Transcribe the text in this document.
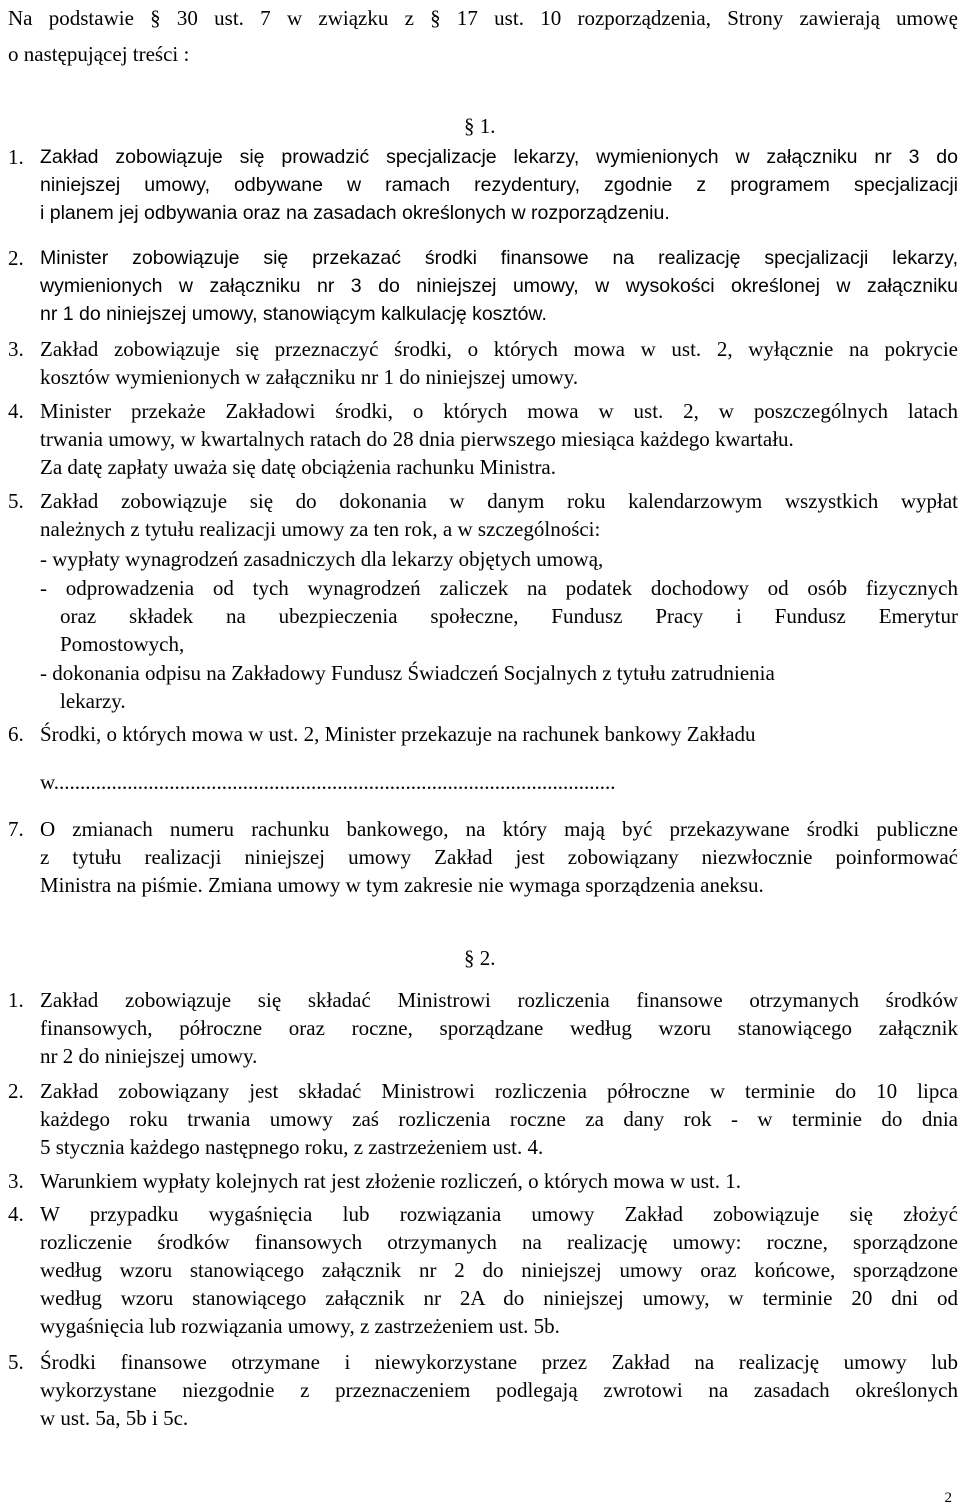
Na podstawie § 30 ust. 7 w związku z § 17 ust. 10 rozporządzenia, Strony zawierają umowę
o następującej treści :
§ 1.
1. Zakład zobowiązuje się prowadzić specjalizacje lekarzy, wymienionych w załączniku nr 3 do
niniejszej umowy, odbywane w ramach rezydentury, zgodnie z programem specjalizacji
i planem jej odbywania oraz na zasadach określonych w rozporządzeniu.
2. Minister zobowiązuje się przekazać środki finansowe na realizację specjalizacji lekarzy,
wymienionych w załączniku nr 3 do niniejszej umowy, w wysokości określonej w załączniku
nr 1 do niniejszej umowy, stanowiącym kalkulację kosztów.
3. Zakład zobowiązuje się przeznaczyć środki, o których mowa w ust. 2, wyłącznie na pokrycie
kosztów wymienionych w załączniku nr 1 do niniejszej umowy.
4. Minister przekaże Zakładowi środki, o których mowa w ust. 2, w poszczególnych latach
trwania umowy, w kwartalnych ratach do 28 dnia pierwszego miesiąca każdego kwartału.
Za datę zapłaty uważa się datę obciążenia rachunku Ministra.
5. Zakład zobowiązuje się do dokonania w danym roku kalendarzowym wszystkich wypłat
należnych z tytułu realizacji umowy za ten rok, a w szczególności:
- wypłaty wynagrodzeń zasadniczych dla lekarzy objętych umową,
- odprowadzenia od tych wynagrodzeń zaliczek na podatek dochodowy od osób fizycznych
oraz składek na ubezpieczenia społeczne, Fundusz Pracy i Fundusz Emerytur
Pomostowych,
- dokonania odpisu na Zakładowy Fundusz Świadczeń Socjalnych z tytułu zatrudnienia
lekarzy.
6. Środki, o których mowa w ust. 2, Minister przekazuje na rachunek bankowy Zakładu
w...........................................................................................................
7. O zmianach numeru rachunku bankowego, na który mają być przekazywane środki publiczne
z tytułu realizacji niniejszej umowy Zakład jest zobowiązany niezwłocznie poinformować
Ministra na piśmie. Zmiana umowy w tym zakresie nie wymaga sporządzenia aneksu.
§ 2.
1. Zakład zobowiązuje się składać Ministrowi rozliczenia finansowe otrzymanych środków
finansowych, półroczne oraz roczne, sporządzane według wzoru stanowiącego załącznik
nr 2 do niniejszej umowy.
2. Zakład zobowiązany jest składać Ministrowi rozliczenia półroczne w terminie do 10 lipca
każdego roku trwania umowy zaś rozliczenia roczne za dany rok - w terminie do dnia
5 stycznia każdego następnego roku, z zastrzeżeniem ust. 4.
3. Warunkiem wypłaty kolejnych rat jest złożenie rozliczeń, o których mowa w ust. 1.
4. W przypadku wygaśnięcia lub rozwiązania umowy Zakład zobowiązuje się złożyć
rozliczenie środków finansowych otrzymanych na realizację umowy: roczne, sporządzone
według wzoru stanowiącego załącznik nr 2 do niniejszej umowy oraz końcowe, sporządzone
według wzoru stanowiącego załącznik nr 2A do niniejszej umowy, w terminie 20 dni od
wygaśnięcia lub rozwiązania umowy, z zastrzeżeniem ust. 5b.
5. Środki finansowe otrzymane i niewykorzystane przez Zakład na realizację umowy lub
wykorzystane niezgodnie z przeznaczeniem podlegają zwrotowi na zasadach określonych
w ust. 5a, 5b i 5c.
2
